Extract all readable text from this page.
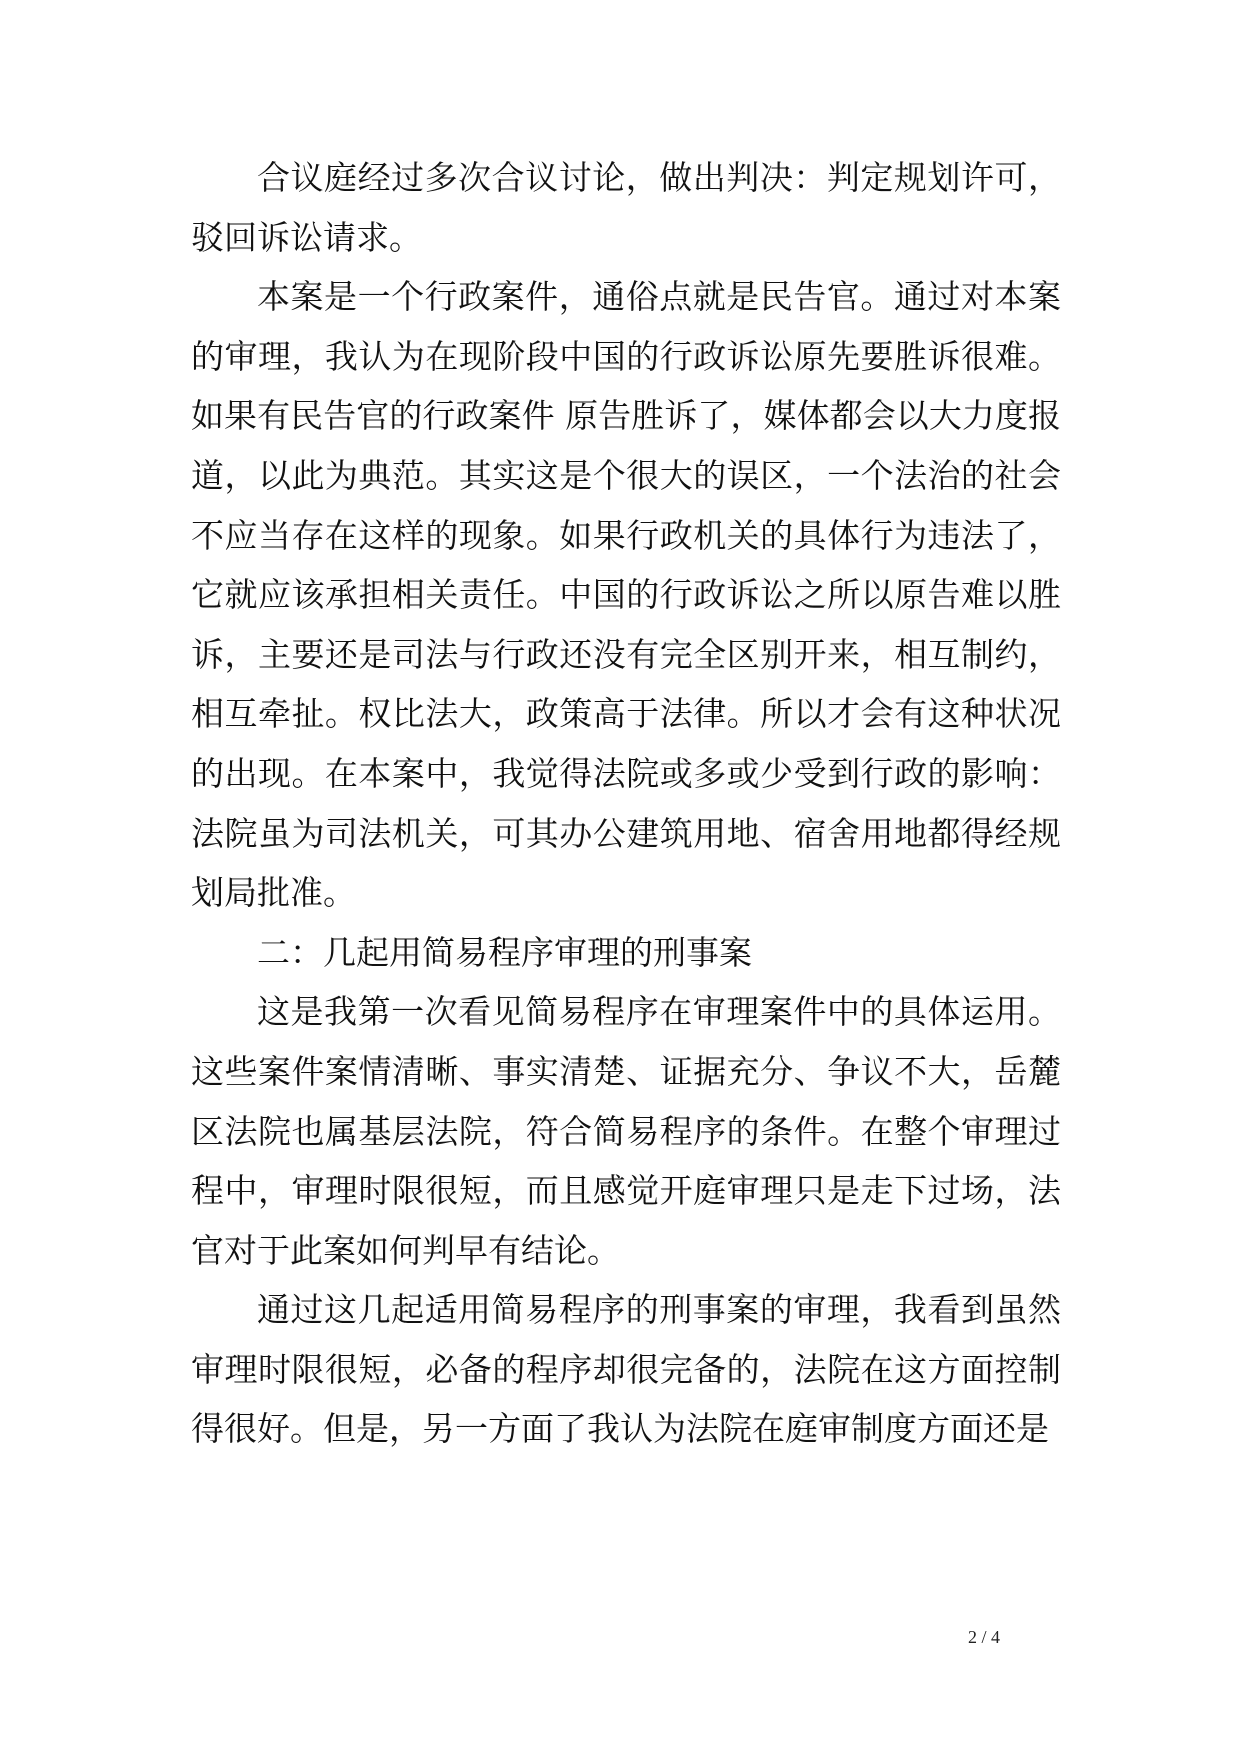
合议庭经过多次合议讨论，做出判决：判定规划许可，驳回诉讼请求。

本案是一个行政案件，通俗点就是民告官。通过对本案的审理，我认为在现阶段中国的行政诉讼原先要胜诉很难。如果有民告官的行政案件 原告胜诉了，媒体都会以大力度报道，以此为典范。其实这是个很大的误区，一个法治的社会不应当存在这样的现象。如果行政机关的具体行为违法了，它就应该承担相关责任。中国的行政诉讼之所以原告难以胜诉，主要还是司法与行政还没有完全区别开来，相互制约，相互牵扯。权比法大，政策高于法律。所以才会有这种状况的出现。在本案中，我觉得法院或多或少受到行政的影响：法院虽为司法机关，可其办公建筑用地、宿舍用地都得经规划局批准。

二：几起用简易程序审理的刑事案

这是我第一次看见简易程序在审理案件中的具体运用。这些案件案情清晰、事实清楚、证据充分、争议不大，岳麓区法院也属基层法院，符合简易程序的条件。在整个审理过程中，审理时限很短，而且感觉开庭审理只是走下过场，法官对于此案如何判早有结论。

通过这几起适用简易程序的刑事案的审理，我看到虽然审理时限很短，必备的程序却很完备的，法院在这方面控制得很好。但是，另一方面了我认为法院在庭审制度方面还是

2 / 4
